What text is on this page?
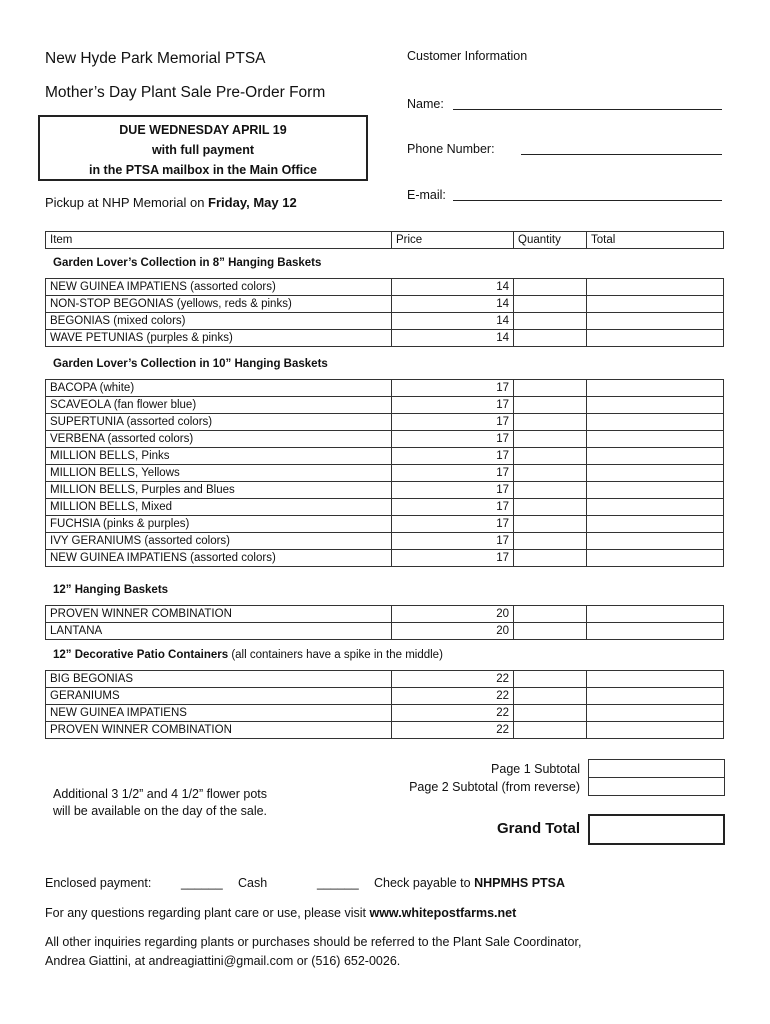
New Hyde Park Memorial PTSA
Mother’s Day Plant Sale Pre-Order Form
DUE WEDNESDAY APRIL 19
with full payment
in the PTSA mailbox in the Main Office
Pickup at NHP Memorial on Friday, May 12
Customer Information
Name:
Phone Number:
E-mail:
Item	Price	Quantity	Total
Garden Lover’s Collection in 8” Hanging Baskets
NEW GUINEA IMPATIENS (assorted colors)	14		
NON-STOP BEGONIAS (yellows, reds & pinks)	14		
BEGONIAS (mixed colors)	14		
WAVE PETUNIAS (purples & pinks)	14		
Garden Lover’s Collection in 10” Hanging Baskets
BACOPA (white)	17		
SCAVEOLA (fan flower blue)	17		
SUPERTUNIA (assorted colors)	17		
VERBENA (assorted colors)	17		
MILLION BELLS, Pinks	17		
MILLION BELLS, Yellows	17		
MILLION BELLS, Purples and Blues	17		
MILLION BELLS, Mixed	17		
FUCHSIA (pinks & purples)	17		
IVY GERANIUMS (assorted colors)	17		
NEW GUINEA IMPATIENS (assorted colors)	17		
12” Hanging Baskets
PROVEN WINNER COMBINATION	20		
LANTANA	20		
12” Decorative Patio Containers (all containers have a spike in the middle)
BIG BEGONIAS	22		
GERANIUMS	22		
NEW GUINEA IMPATIENS	22		
PROVEN WINNER COMBINATION	22		
Page 1 Subtotal
Page 2 Subtotal (from reverse)
Additional 3 1/2” and 4 1/2” flower pots
will be available on the day of the sale.
Grand Total
Enclosed payment: ______ Cash	______ Check payable to NHPMHS PTSA
For any questions regarding plant care or use, please visit www.whitepostfarms.net
All other inquiries regarding plants or purchases should be referred to the Plant Sale Coordinator,
Andrea Giattini, at andreagiattini@gmail.com or (516) 652-0026.
